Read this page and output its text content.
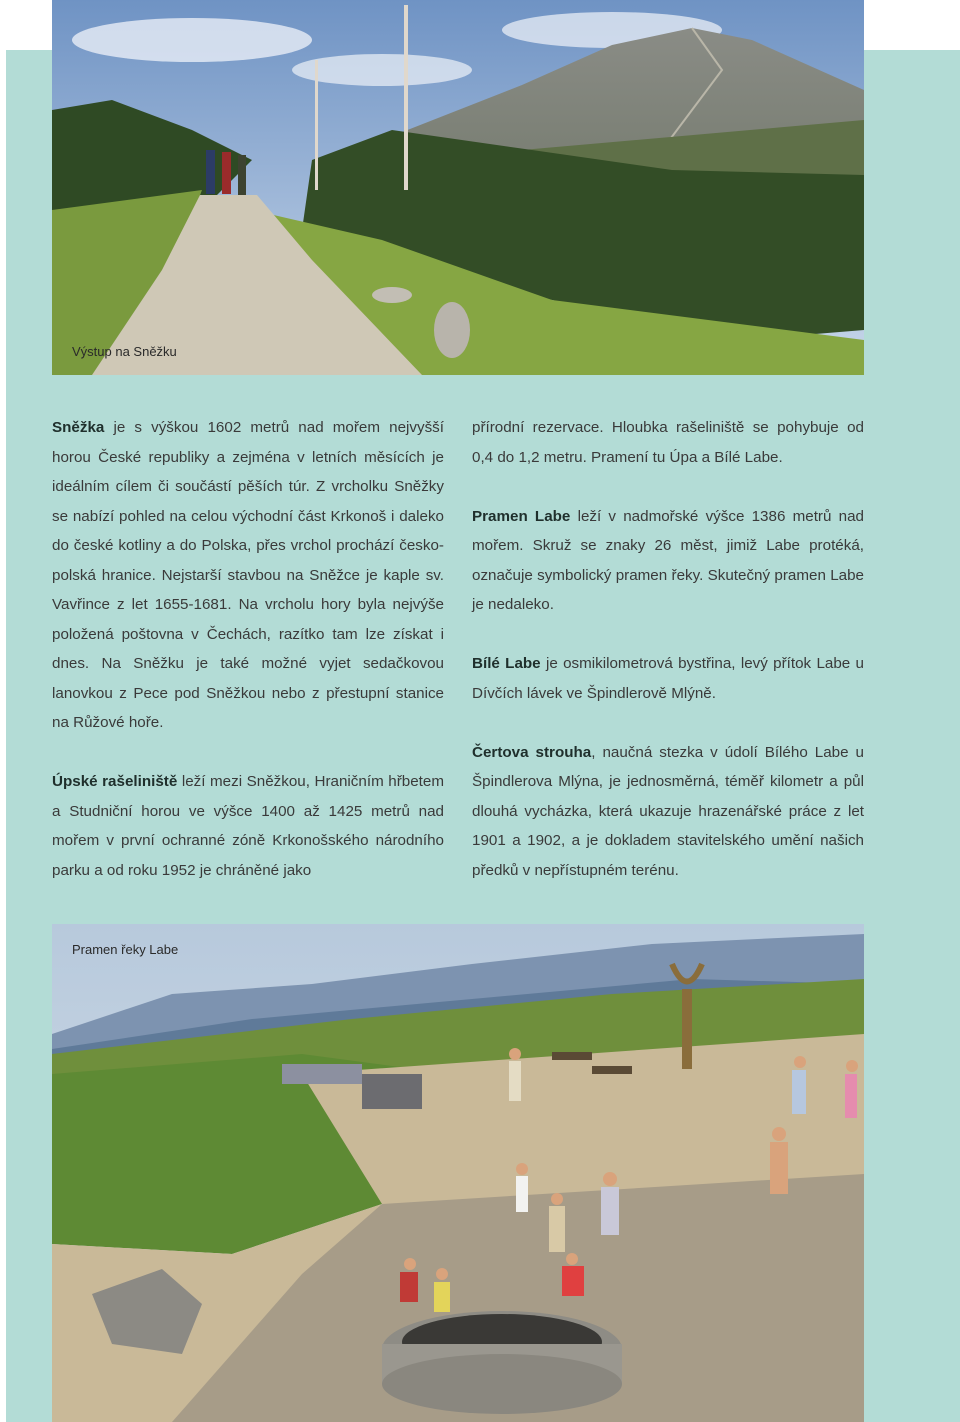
Výstup na Sněžku

Sněžka je s výškou 1602 metrů nad mořem nejvyšší horou České republiky a zejména v letních měsících je ideálním cílem či součástí pěších túr. Z vrcholku Sněžky se nabízí pohled na celou východní část Krkonoš i daleko do české kotliny a do Polska, přes vrchol prochází česko-polská hranice. Nejstarší stavbou na Sněžce je kaple sv. Vavřince z let 1655-1681. Na vrcholu hory byla nejvýše položená poštovna v Čechách, razítko tam lze získat i dnes. Na Sněžku je také možné vyjet sedačkovou lanovkou z Pece pod Sněžkou nebo z přestupní stanice na Růžové hoře.

Úpské rašeliniště leží mezi Sněžkou, Hraničním hřbetem a Studniční horou ve výšce 1400 až 1425 metrů nad mořem v první ochranné zóně Krkonošského národního parku a od roku 1952 je chráněné jako

přírodní rezervace. Hloubka rašeliniště se pohybuje od 0,4 do 1,2 metru. Pramení tu Úpa a Bílé Labe.

Pramen Labe leží v nadmořské výšce 1386 metrů nad mořem. Skruž se znaky 26 měst, jimiž Labe protéká, označuje symbolický pramen řeky. Skutečný pramen Labe je nedaleko.

Bílé Labe je osmikilometrová bystřina, levý přítok Labe u Dívčích lávek ve Špindlerově Mlýně.

Čertova strouha, naučná stezka v údolí Bílého Labe u Špindlerova Mlýna, je jednosměrná, téměř kilometr a půl dlouhá vycházka, která ukazuje hrazenářské práce z let 1901 a 1902, a je dokladem stavitelského umění našich předků v nepřístupném terénu.

Pramen řeky Labe
